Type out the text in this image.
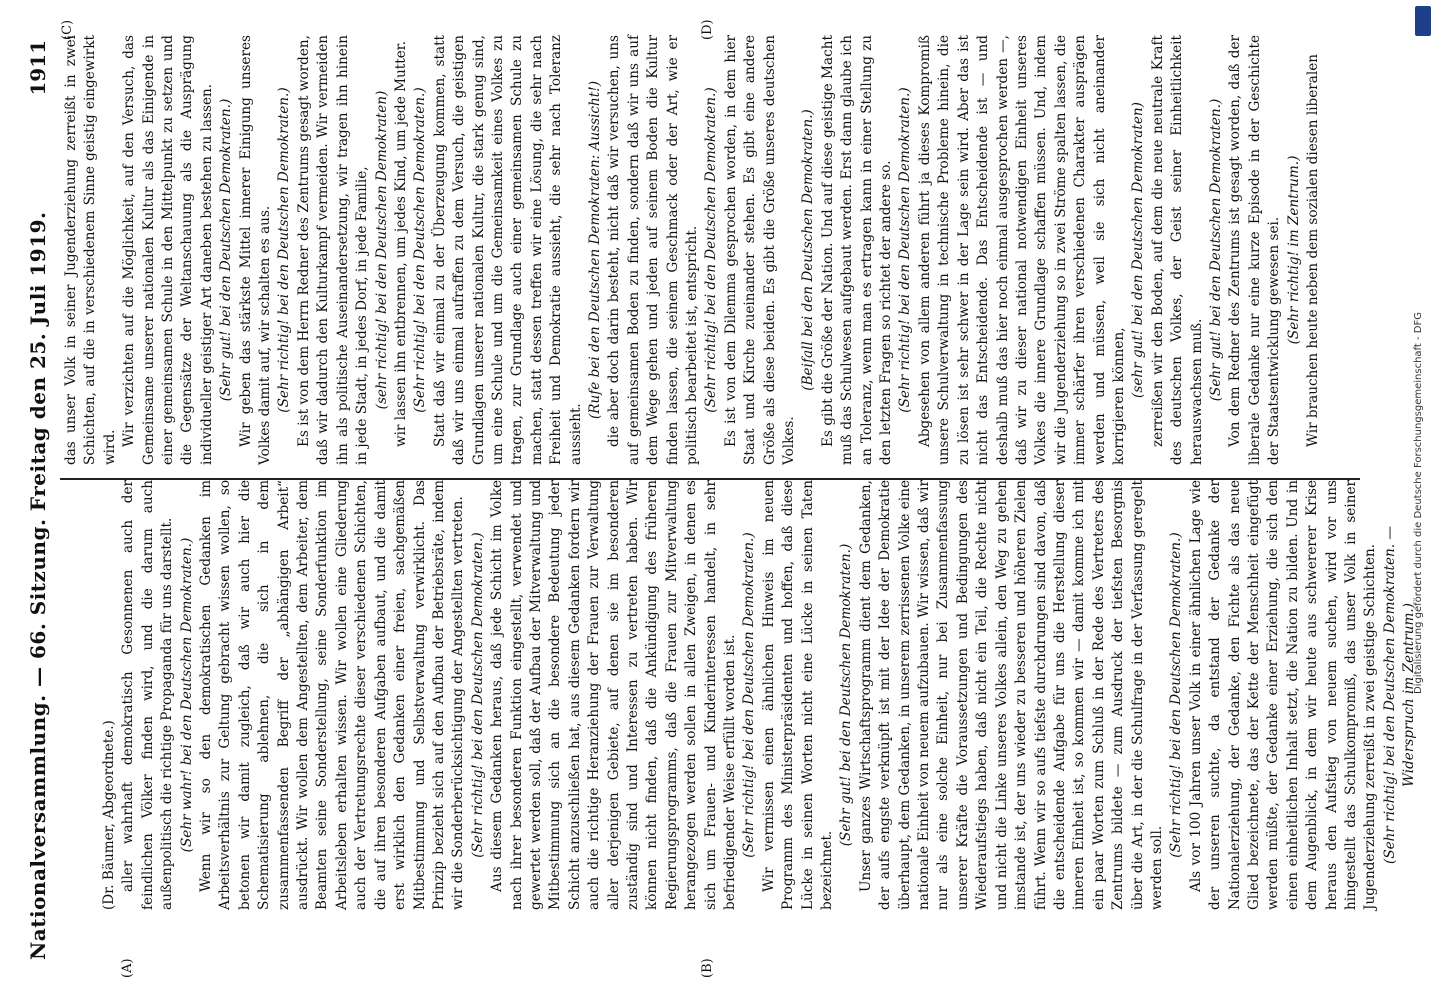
Nationalversammlung. — 66. Sitzung. Freitag den 25. Juli 1919.
1911
(A)	(B)
(C)	(D)

(Dr. Bäumer, Abgeordnete.) aller wahrhaft demokratisch Gesonnenen auch der feindlichen Völker finden wird, und die darum auch außenpolitisch die richtige Propaganda für uns darstellt. (Sehr wahr! bei den Deutschen Demokraten.) Wenn wir so den demokratischen Gedanken im Arbeitsverhältnis zur Geltung gebracht wissen wollen, so betonen wir damit zugleich, daß wir auch hier die Schematisierung ablehnen, die sich in dem zusammenfassenden Begriff der „abhängigen Arbeit“ ausdrückt. Wir wollen dem Angestellten, dem Arbeiter, dem Beamten seine Sonderstellung, seine Sonderfunktion im Arbeitsleben erhalten wissen. Wir wollen eine Gliederung auch der Vertretungsrechte dieser verschiedenen Schichten, die auf ihren besonderen Aufgaben aufbaut, und die damit erst wirklich den Gedanken einer freien, sachgemäßen Mitbestimmung und Selbstverwaltung verwirklicht. Das Prinzip bezieht sich auf den Aufbau der Betriebsräte, indem wir die Sonderberücksichtigung der Angestellten vertreten. (Sehr richtig! bei den Deutschen Demokraten.) Aus diesem Gedanken heraus, daß jede Schicht im Volke nach ihrer besonderen Funktion eingestellt, verwendet und gewertet werden soll, daß der Aufbau der Mitverwaltung und Mitbestimmung sich an die besondere Bedeutung jeder Schicht anzuschließen hat, aus diesem Gedanken fordern wir auch die richtige Heranziehung der Frauen zur Verwaltung aller derjenigen Gebiete, auf denen sie im besonderen zuständig sind und Interessen zu vertreten haben. Wir können nicht finden, daß die Ankündigung des früheren Regierungsprogramms, daß die Frauen zur Mitverwaltung herangezogen werden sollen in allen Zweigen, in denen es sich um Frauen- und Kinderinteressen handelt, in sehr befriedigender Weise erfüllt worden ist. (Sehr richtig! bei den Deutschen Demokraten.) Wir vermissen einen ähnlichen Hinweis im neuen Programm des Ministerpräsidenten und hoffen, daß diese Lücke in seinen Worten nicht eine Lücke in seinen Taten bezeichnet.

(Sehr gut! bei den Deutschen Demokraten.) Unser ganzes Wirtschaftsprogramm dient dem Gedanken, der aufs engste verknüpft ist mit der Idee der Demokratie überhaupt, dem Gedanken, in unserem zerrissenen Volke eine nationale Einheit von neuem aufzubauen. Wir wissen, daß wir nur als eine solche Einheit, nur bei Zusammenfassung unserer Kräfte die Voraussetzungen und Bedingungen des Wiederaufstiegs haben, daß nicht ein Teil, die Rechte nicht und nicht die Linke unseres Volkes allein, den Weg zu gehen imstande ist, der uns wieder zu besseren und höheren Zielen führt. Wenn wir so aufs tiefste durchdrungen sind davon, daß die entscheidende Aufgabe für uns die Herstellung dieser inneren Einheit ist, so kommen wir — damit komme ich mit ein paar Worten zum Schluß in der Rede des Vertreters des Zentrums bildete — zum Ausdruck der tiefsten Besorgnis über die Art, in der die Schulfrage in der Verfassung geregelt werden soll.

(Sehr richtig! bei den Deutschen Demokraten.) Als vor 100 Jahren unser Volk in einer ähnlichen Lage wie der unseren suchte, da entstand der Gedanke der Nationalerziehung, der Gedanke, den Fichte als das neue Glied bezeichnete, das der Kette der Menschheit eingefügt werden müßte, der Gedanke einer Erziehung, die sich den einen einheitlichen Inhalt setzt, die Nation zu bilden. Und in dem Augenblick, in dem wir heute aus schwererer Krise heraus den Aufstieg von neuem suchen, wird vor uns hingestellt das Schulkompromiß, das unser Volk in seiner Jugenderziehung zerreißt in zwei geistige Schichten. (Sehr richtig! bei den Deutschen Demokraten. — Widerspruch im Zentrum.)

das unser Volk in seiner Jugenderziehung zerreißt in zwei Schichten, auf die in verschiedenem Sinne geistig eingewirkt wird.

Wir verzichten auf die Möglichkeit, auf den Versuch, das Gemeinsame unserer nationalen Kultur als das Einigende in einer gemeinsamen Schule in den Mittelpunkt zu setzen und die Gegensätze der Weltanschauung als die Ausprägung individueller geistiger Art daneben bestehen zu lassen. (Sehr gut! bei den Deutschen Demokraten.) Wir geben das stärkste Mittel innerer Einigung unseres Volkes damit auf, wir schalten es aus. (Sehr richtig! bei den Deutschen Demokraten.) Es ist von dem Herrn Redner des Zentrums gesagt worden, daß wir dadurch den Kulturkampf vermeiden. Wir vermeiden ihn als politische Auseinandersetzung, wir tragen ihn hinein in jede Stadt, in jedes Dorf, in jede Familie, (sehr richtig! bei den Deutschen Demokraten) wir lassen ihn entbrennen, um jedes Kind, um jede Mutter. (Sehr richtig! bei den Deutschen Demokraten.) Statt daß wir einmal zu der Überzeugung kommen, statt daß wir uns einmal aufraffen zu dem Versuch, die geistigen Grundlagen unserer nationalen Kultur, die stark genug sind, um eine Schule und um die Gemeinsamkeit eines Volkes zu tragen, zur Grundlage auch einer gemeinsamen Schule zu machen, statt dessen treffen wir eine Lösung, die sehr nach Freiheit und Demokratie aussieht, die sehr nach Toleranz aussieht.

(Rufe bei den Deutschen Demokraten: Aussicht!) die aber doch darin besteht, nicht daß wir versuchen, uns auf gemeinsamen Boden zu finden, sondern daß wir uns auf dem Wege gehen und jeden auf seinem Boden die Kultur finden lassen, die seinem Geschmack oder der Art, wie er politisch bearbeitet ist, entspricht. (Sehr richtig! bei den Deutschen Demokraten.) Es ist von dem Dilemma gesprochen worden, in dem hier Staat und Kirche zueinander stehen. Es gibt eine andere Größe als diese beiden. Es gibt die Größe unseres deutschen Volkes.

(Beifall bei den Deutschen Demokraten.) Es gibt die Größe der Nation. Und auf diese geistige Macht muß das Schulwesen aufgebaut werden. Erst dann glaube ich an Toleranz, wenn man es ertragen kann in einer Stellung zu den letzten Fragen so richtet der andere so. (Sehr richtig! bei den Deutschen Demokraten.) Abgesehen von allem anderen führt ja dieses Kompromiß unsere Schulverwaltung in technische Probleme hinein, die zu lösen ist sehr schwer in der Lage sein wird. Aber das ist nicht das Entscheidende. Das Entscheidende ist — und deshalb muß das hier noch einmal ausgesprochen werden —, daß wir zu dieser national notwendigen Einheit unseres Volkes die innere Grundlage schaffen müssen. Und, indem wir die Jugenderziehung so in zwei Ströme spalten lassen, die immer schärfer ihren verschiedenen Charakter ausprägen werden und müssen, weil sie sich nicht aneinander korrigieren können, (sehr gut! bei den Deutschen Demokraten) zerreißen wir den Boden, auf dem die neue neutrale Kraft des deutschen Volkes, der Geist seiner Einheitlichkeit herauswachsen muß. (Sehr gut! bei den Deutschen Demokraten.) Von dem Redner des Zentrums ist gesagt worden, daß der liberale Gedanke nur eine kurze Episode in der Geschichte der Staatsentwicklung gewesen sei. (Sehr richtig! im Zentrum.) Wir brauchen heute neben dem sozialen diesen liberalen

Digitalisierung gefördert durch die Deutsche Forschungsgemeinschaft - DFG
